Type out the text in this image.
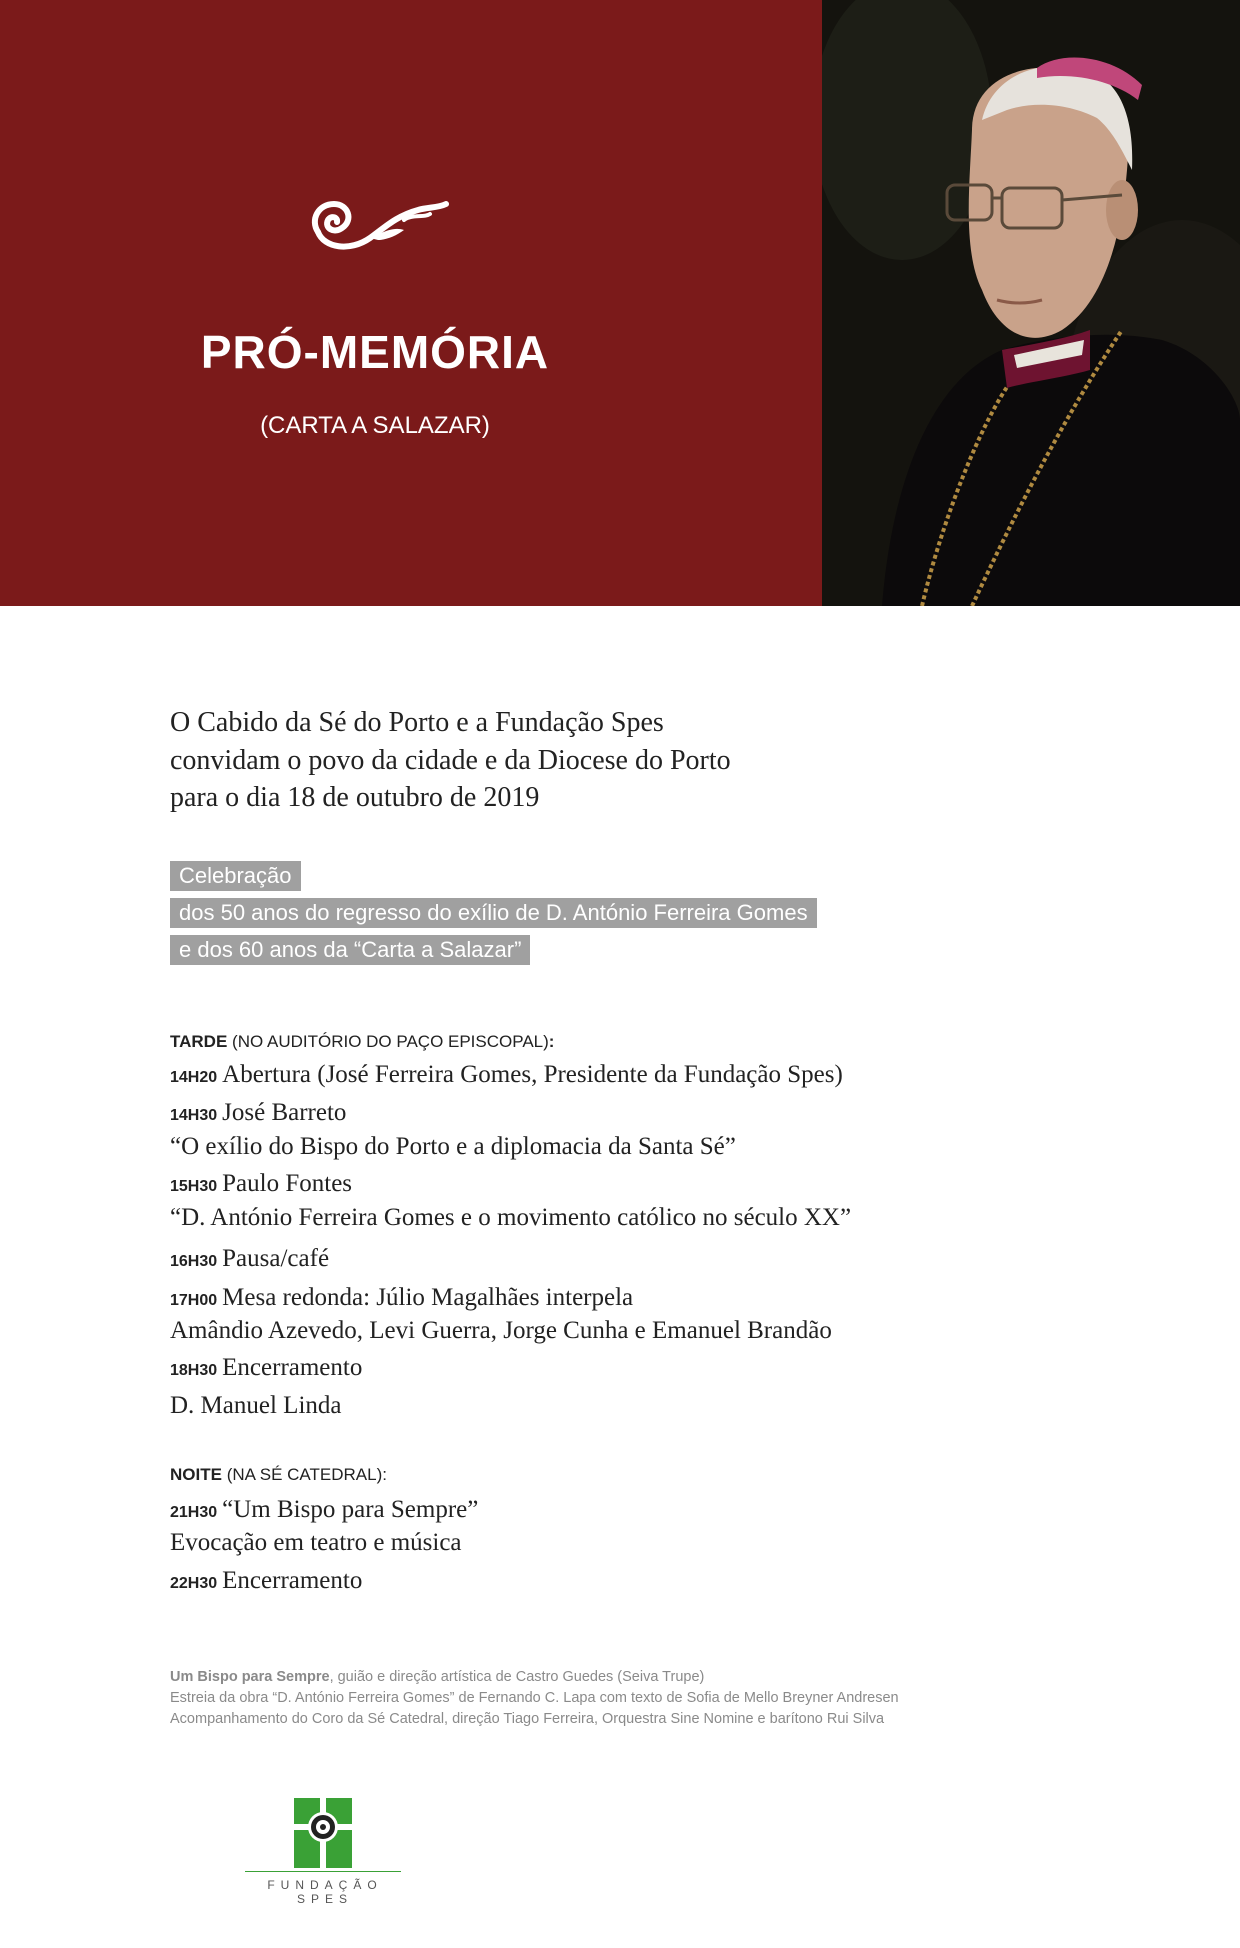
PRÓ-MEMÓRIA
(CARTA A SALAZAR)
O Cabido da Sé do Porto e a Fundação Spes
convidam o povo da cidade e da Diocese do Porto
para o dia 18 de outubro de 2019
Celebração
dos 50 anos do regresso do exílio de D. António Ferreira Gomes
e dos 60 anos da “Carta a Salazar”
TARDE (NO AUDITÓRIO DO PAÇO EPISCOPAL):
14H20 Abertura (José Ferreira Gomes, Presidente da Fundação Spes)
14H30 José Barreto
“O exílio do Bispo do Porto e a diplomacia da Santa Sé”
15H30 Paulo Fontes
“D. António Ferreira Gomes e o movimento católico no século XX”
16H30 Pausa/café
17H00 Mesa redonda: Júlio Magalhães interpela
Amândio Azevedo, Levi Guerra, Jorge Cunha e Emanuel Brandão
18H30 Encerramento
D. Manuel Linda
NOITE (NA SÉ CATEDRAL):
21H30 “Um Bispo para Sempre”
Evocação em teatro e música
22H30 Encerramento
Um Bispo para Sempre, guião e direção artística de Castro Guedes (Seiva Trupe)
Estreia da obra “D. António Ferreira Gomes” de Fernando C. Lapa com texto de Sofia de Mello Breyner Andresen
Acompanhamento do Coro da Sé Catedral, direção Tiago Ferreira, Orquestra Sine Nomine e barítono Rui Silva
FUNDAÇÃO SPES
